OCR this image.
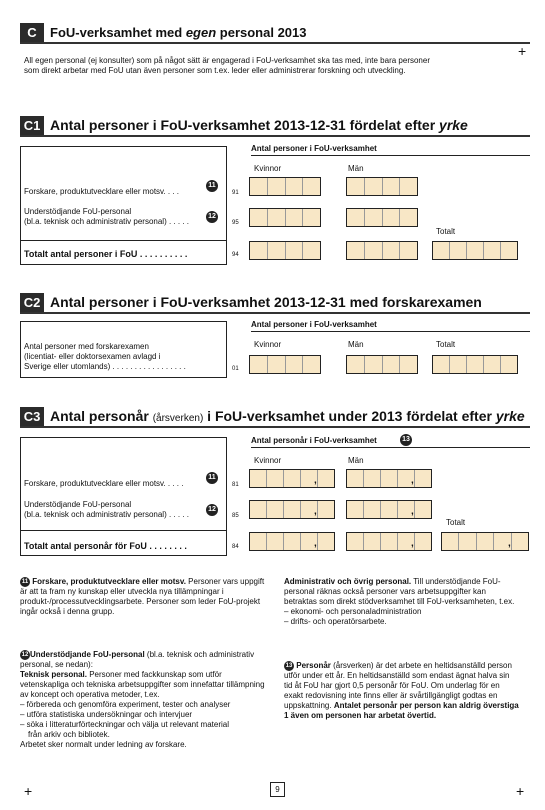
C	FoU-verksamhet med egen personal 2013
+
All egen personal (ej konsulter) som på något sätt är engagerad i FoU-verksamhet ska tas med, inte bara personer som direkt arbetar med FoU utan även personer som t.ex. leder eller administrerar forskning och utveckling.
C1 Antal personer i FoU-verksamhet 2013-12-31 fördelat efter yrke
Antal personer i FoU-verksamhet
Kvinnor	Män
Totalt
Forskare, produktutvecklare eller motsv. . . .
11
91
Understödjande FoU-personal
(bl.a. teknisk och administrativ personal) . . . . .
12
95
Totalt antal personer i FoU . . . . . . . . . .	94
C2 Antal personer i FoU-verksamhet 2013-12-31 med forskarexamen
Antal personer i FoU-verksamhet
Kvinnor	Män	Totalt
Antal personer med forskarexamen
(licentiat- eller doktorsexamen avlagd i
Sverige eller utomlands) . . . . . . . . . . . . . . . . .	01
C3 Antal personår (årsverken) i FoU-verksamhet under 2013 fördelat efter yrke
Antal personår i FoU-verksamhet	13
Kvinnor	Män
Totalt
Forskare, produktutvecklare eller motsv. . . . .
11
81	,	,
Understödjande FoU-personal
(bl.a. teknisk och administrativ personal) . . . . .
12
85	,	,
Totalt antal personår för FoU . . . . . . . .	84	,	,	,

11 Forskare, produktutvecklare eller motsv. Personer vars uppgift är att ta fram ny kunskap eller utveckla nya tillämpningar i produkt-/processutvecklingsarbete. Personer som leder FoU-projekt ingår också i denna grupp.

12 Understödjande FoU-personal (bl.a. teknisk och administrativ personal, se nedan):

Teknisk personal. Personer med fackkunskap som utför vetenskapliga och tekniska arbetsuppgifter som innefattar tillämpning av koncept och operativa metoder, t.ex.

– förbereda och genomföra experiment, tester och analyser

– utföra statistiska undersökningar och intervjuer

– söka i litteraturförteckningar och välja ut relevant material

från arkiv och bibliotek.

Arbetet sker normalt under ledning av forskare.

Administrativ och övrig personal. Till understödjande FoU-personal räknas också personer vars arbetsuppgifter kan betraktas som direkt stödverksamhet till FoU-verksamheten, t.ex.

– ekonomi- och personaladministration

– drifts- och operatörsarbete.

13 Personår (årsverken) är det arbete en heltidsanställd person utför under ett år. En heltidsanställd som endast ägnat halva sin tid åt FoU har gjort 0,5 personår för FoU. Om underlag för en exakt redovisning inte finns eller är svårtillgängligt godtas en uppskattning. Antalet personår per person kan aldrig överstiga 1 även om personen har arbetat övertid.

+	9	+
